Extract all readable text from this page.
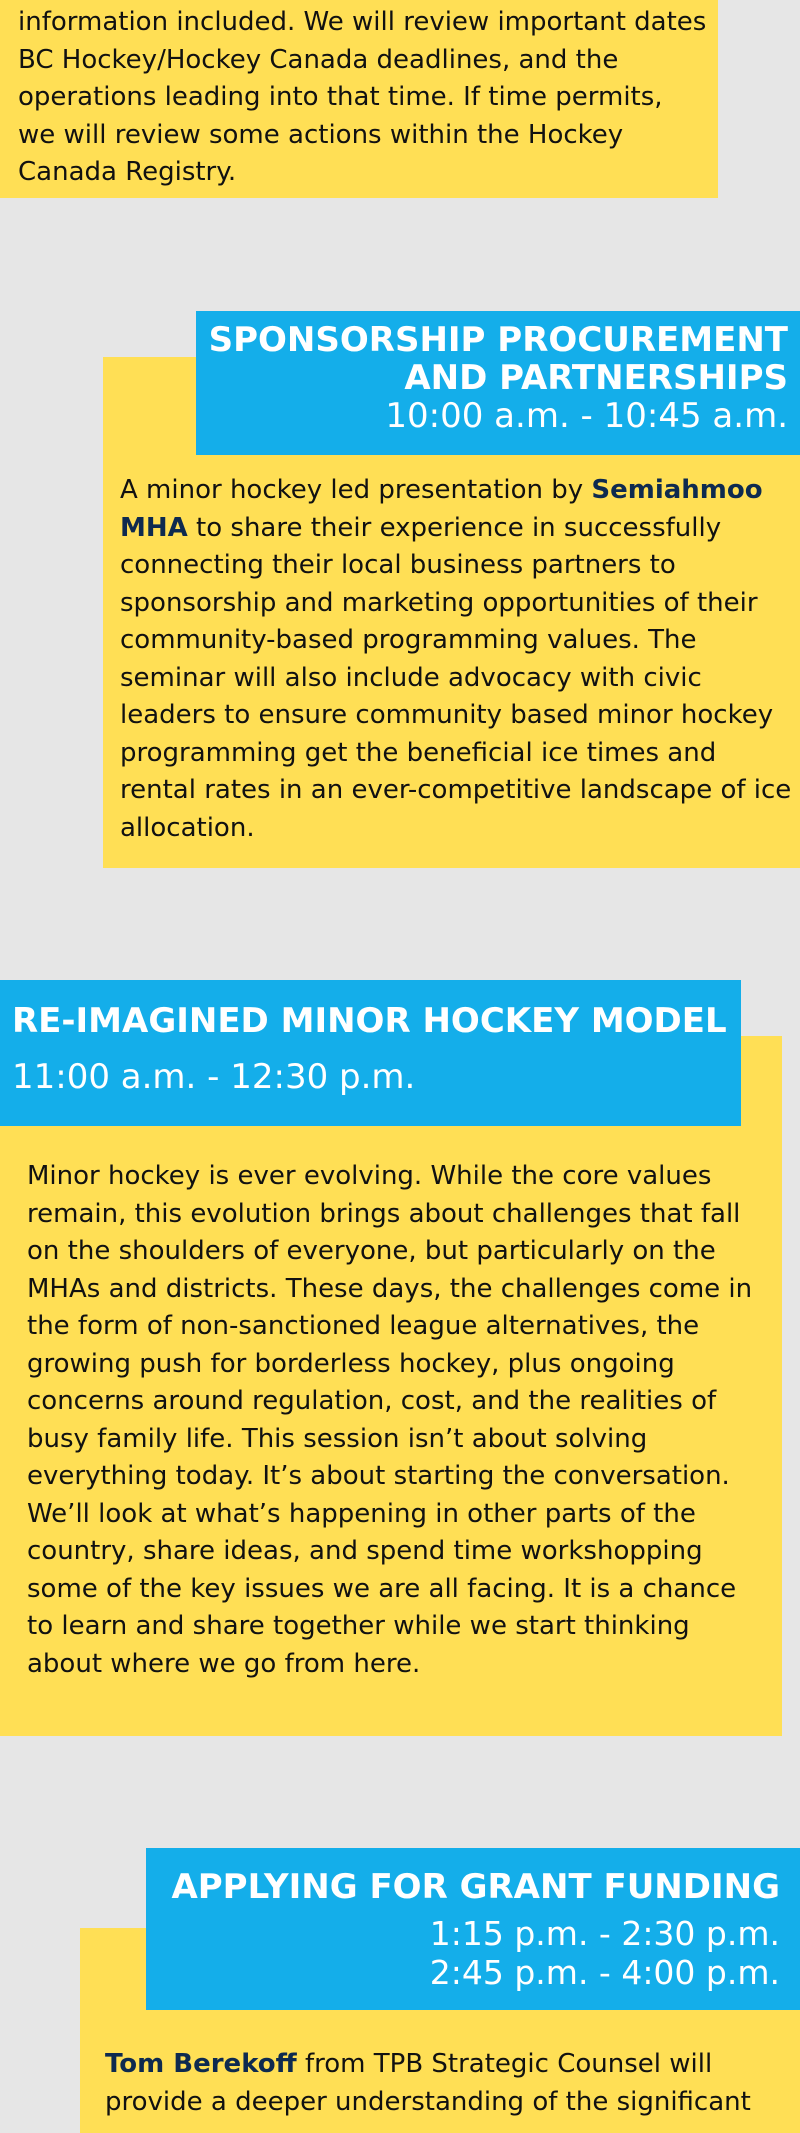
information included. We will review important dates BC Hockey/Hockey Canada deadlines, and the operations leading into that time. If time permits, we will review some actions within the Hockey Canada Registry.

A minor hockey led presentation by Semiahmoo MHA to share their experience in successfully connecting their local business partners to sponsorship and marketing opportunities of their community-based programming values. The seminar will also include advocacy with civic leaders to ensure community based minor hockey programming get the beneficial ice times and rental rates in an ever-competitive landscape of ice allocation.

SPONSORSHIP PROCUREMENT

AND PARTNERSHIPS

10:00 a.m. - 10:45 a.m.

Minor hockey is ever evolving. While the core values remain, this evolution brings about challenges that fall on the shoulders of everyone, but particularly on the MHAs and districts. These days, the challenges come in the form of non-sanctioned league alternatives, the growing push for borderless hockey, plus ongoing concerns around regulation, cost, and the realities of busy family life. This session isn’t about solving everything today. It’s about starting the conversation. We’ll look at what’s happening in other parts of the country, share ideas, and spend time workshopping some of the key issues we are all facing. It is a chance to learn and share together while we start thinking about where we go from here.

RE-IMAGINED MINOR HOCKEY MODEL

11:00 a.m. - 12:30 p.m.

Tom Berekoff from TPB Strategic Counsel will provide a deeper understanding of the significant

APPLYING FOR GRANT FUNDING

1:15 p.m. - 2:30 p.m.

2:45 p.m. - 4:00 p.m.
